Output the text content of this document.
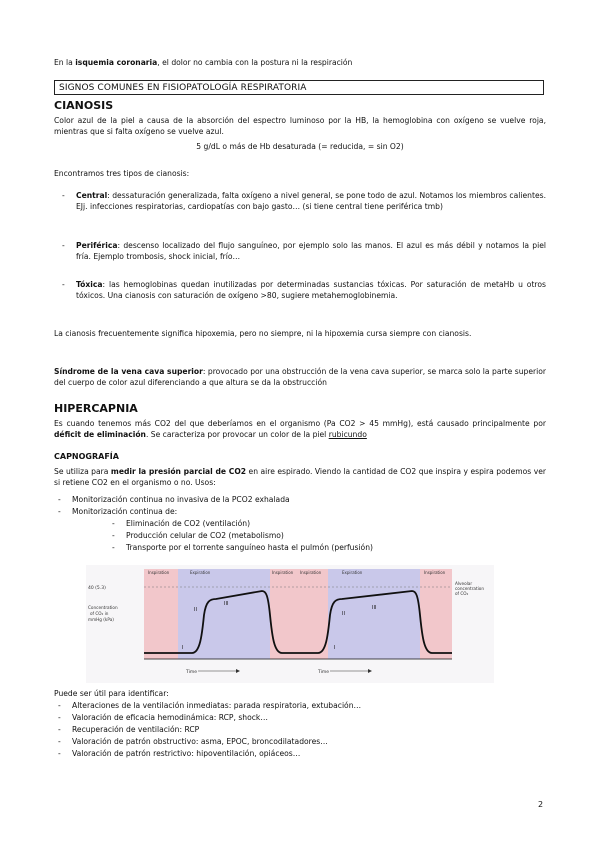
En la isquemia coronaria, el dolor no cambia con la postura ni la respiración

SIGNOS COMUNES EN FISIOPATOLOGÍA RESPIRATORIA
CIANOSIS

Color azul de la piel a causa de la absorción del espectro luminoso por la HB, la hemoglobina con oxígeno se vuelve roja, mientras que si falta oxígeno se vuelve azul.

5 g/dL o más de Hb desaturada (= reducida, = sin O2)

Encontramos tres tipos de cianosis:

- Central: dessaturación generalizada, falta oxígeno a nivel general, se pone todo de azul. Notamos los miembros calientes. EJj. infecciones respiratorias, cardiopatías con bajo gasto… (si tiene central tiene periférica tmb)
- Periférica: descenso localizado del flujo sanguíneo, por ejemplo solo las manos. El azul es más débil y notamos la piel fría. Ejemplo trombosis, shock inicial, frío…
- Tóxica: las hemoglobinas quedan inutilizadas por determinadas sustancias tóxicas. Por saturación de metaHb u otros tóxicos. Una cianosis con saturación de oxígeno >80, sugiere metahemoglobinemia.

La cianosis frecuentemente significa hipoxemia, pero no siempre, ni la hipoxemia cursa siempre con cianosis.

Síndrome de la vena cava superior: provocado por una obstrucción de la vena cava superior, se marca solo la parte superior del cuerpo de color azul diferenciando a que altura se da la obstrucción

HIPERCAPNIA

Es cuando tenemos más CO2 del que deberíamos en el organismo (Pa CO2 > 45 mmHg), está causado principalmente por déficit de eliminación. Se caracteriza por provocar un color de la piel rubicundo

CAPNOGRAFÍA

Se utiliza para medir la presión parcial de CO2 en aire espirado. Viendo la cantidad de CO2 que inspira y espira podemos ver si retiene CO2 en el organismo o no. Usos:

- Monitorización continua no invasiva de la PCO2 exhalada
- Monitorización continua de:
- Eliminación de CO2 (ventilación)
- Producción celular de CO2 (metabolismo)
- Transporte por el torrente sanguíneo hasta el pulmón (perfusión)
Inspiration	Expiration	Inspiration Inspiration	Expiration	Inspiration
40 (5.3)
Concentration of CO₂ in mmHg (kPa)
Alveolar concentration of CO₂
I
II
III
I
II
III
Time	Time

Puede ser útil para identificar:

- Alteraciones de la ventilación inmediatas: parada respiratoria, extubación…
- Valoración de eficacia hemodinámica: RCP, shock…
- Recuperación de ventilación: RCP
- Valoración de patrón obstructivo: asma, EPOC, broncodilatadores…
- Valoración de patrón restrictivo: hipoventilación, opiáceos…
2
